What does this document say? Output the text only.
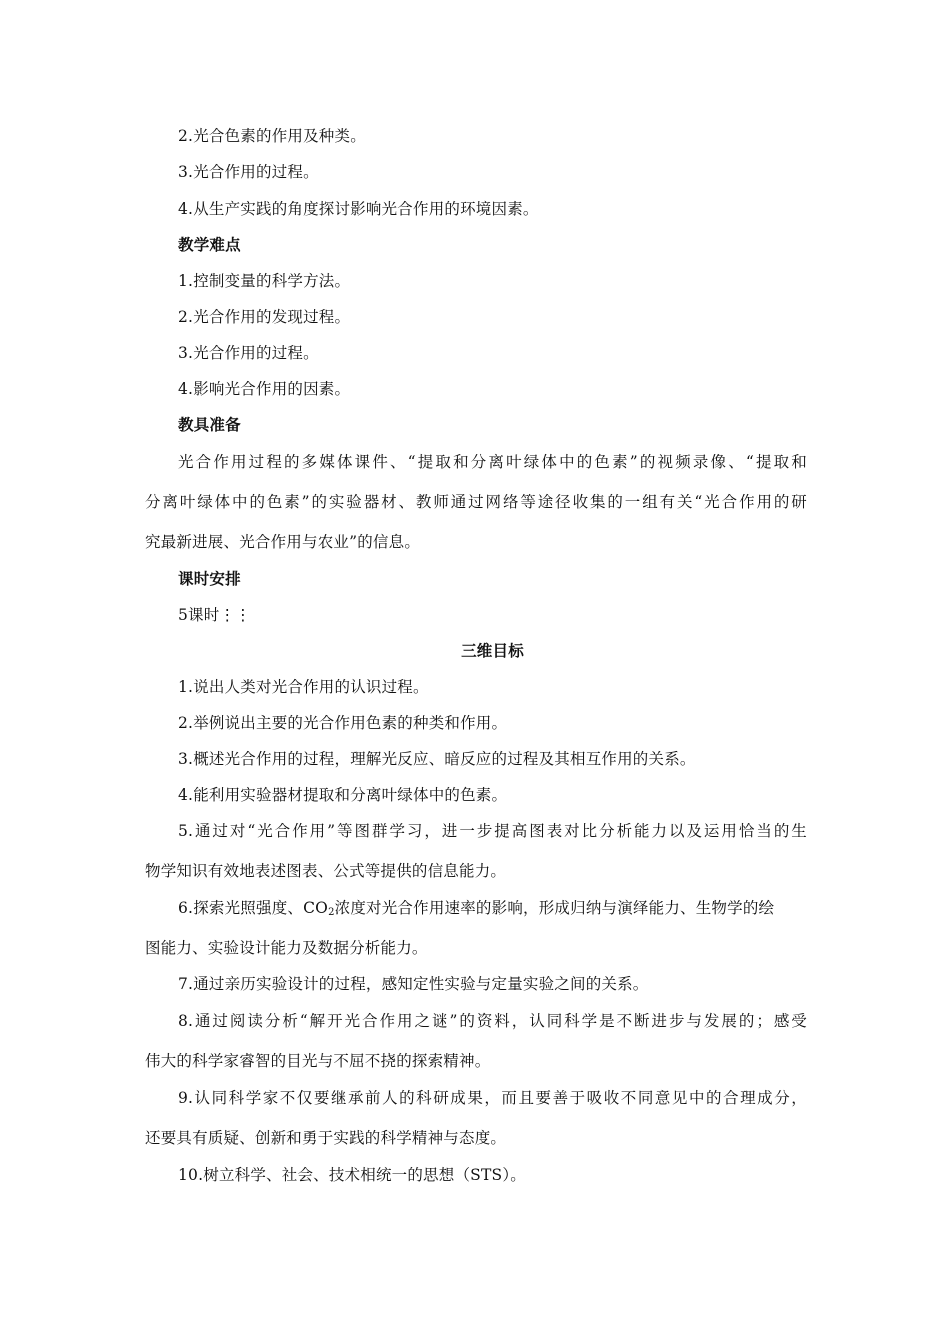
2.光合色素的作用及种类。
3.光合作用的过程。
4.从生产实践的角度探讨影响光合作用的环境因素。
教学难点
1.控制变量的科学方法。
2.光合作用的发现过程。
3.光合作用的过程。
4.影响光合作用的因素。
教具准备
光合作用过程的多媒体课件、“提取和分离叶绿体中的色素”的视频录像、“提取和
分离叶绿体中的色素”的实验器材、教师通过网络等途径收集的一组有关“光合作用的研
究最新进展、光合作用与农业”的信息。
课时安排
5课时⋮⋮
三维目标
1.说出人类对光合作用的认识过程。
2.举例说出主要的光合作用色素的种类和作用。
3.概述光合作用的过程，理解光反应、暗反应的过程及其相互作用的关系。
4.能利用实验器材提取和分离叶绿体中的色素。
5.通过对“光合作用”等图群学习，进一步提高图表对比分析能力以及运用恰当的生
物学知识有效地表述图表、公式等提供的信息能力。
6.探索光照强度、$CO_2$浓度对光合作用速率的影响，形成归纳与演绎能力、生物学的绘
图能力、实验设计能力及数据分析能力。
7.通过亲历实验设计的过程，感知定性实验与定量实验之间的关系。
8.通过阅读分析“解开光合作用之谜”的资料，认同科学是不断进步与发展的；感受
伟大的科学家睿智的目光与不屈不挠的探索精神。
9.认同科学家不仅要继承前人的科研成果，而且要善于吸收不同意见中的合理成分，
还要具有质疑、创新和勇于实践的科学精神与态度。
10.树立科学、社会、技术相统一的思想（STS）。
